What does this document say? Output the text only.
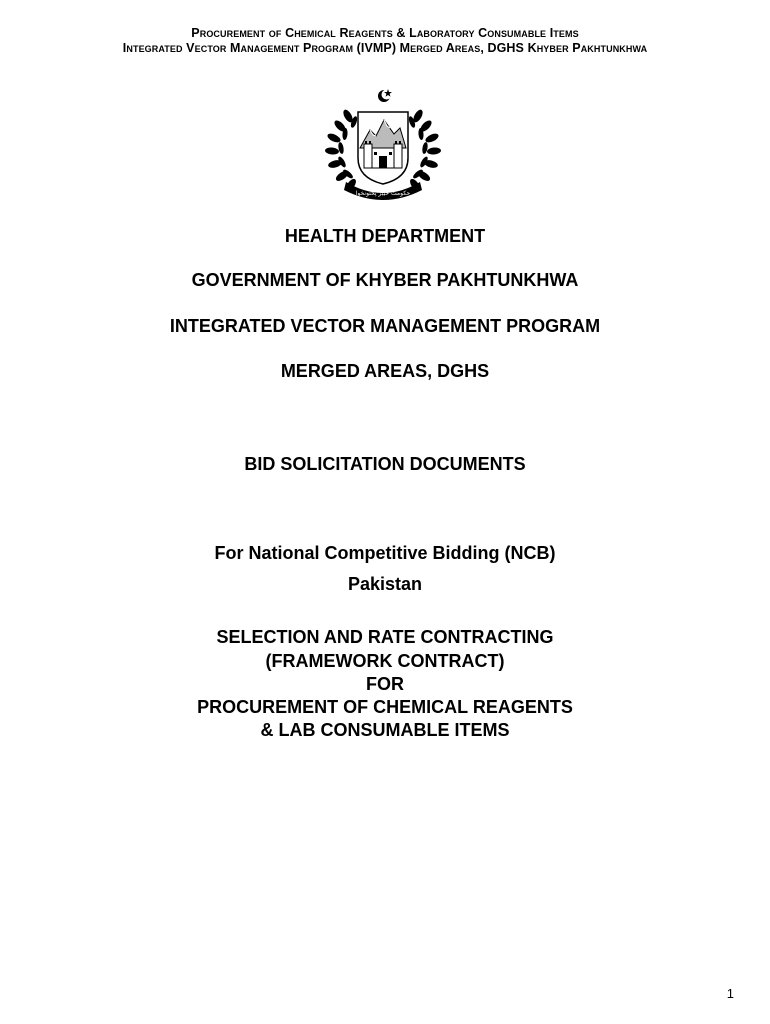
Procurement of Chemical Reagents & Laboratory Consumable Items
Integrated Vector Management Program (IVMP) Merged Areas, DGHS Khyber Pakhtunkhwa
حکومت خیبر پختونخوا
HEALTH DEPARTMENT
GOVERNMENT OF KHYBER PAKHTUNKHWA
INTEGRATED VECTOR MANAGEMENT PROGRAM
MERGED AREAS, DGHS
BID SOLICITATION DOCUMENTS
For National Competitive Bidding (NCB)
Pakistan
SELECTION AND RATE CONTRACTING
(FRAMEWORK CONTRACT)
FOR
PROCUREMENT OF CHEMICAL REAGENTS
& LAB CONSUMABLE ITEMS
1
